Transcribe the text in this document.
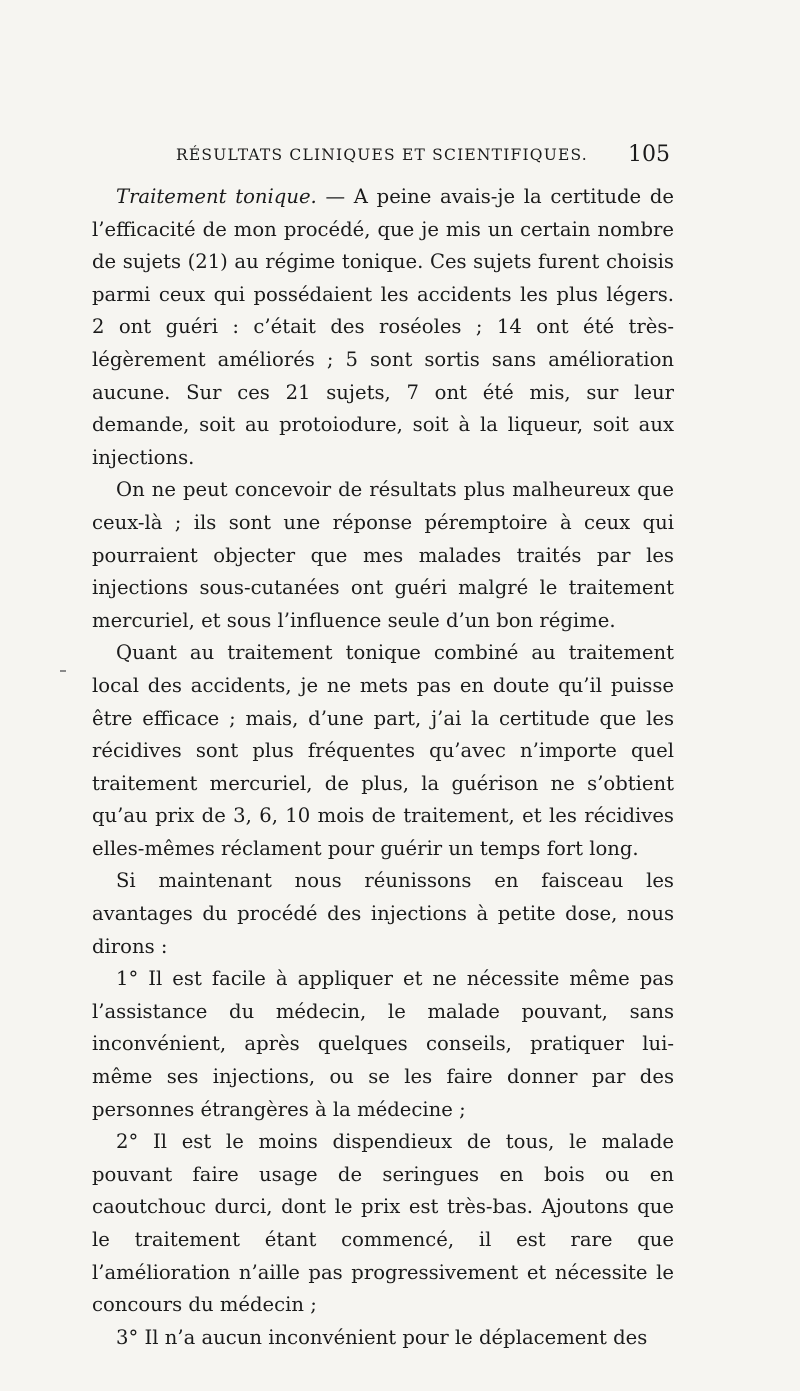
RÉSULTATS CLINIQUES ET SCIENTIFIQUES. 105

Traitement tonique. — A peine avais-je la certitude de l’efficacité de mon procédé, que je mis un certain nombre de sujets (21) au régime tonique. Ces sujets furent choisis parmi ceux qui possédaient les accidents les plus légers. 2 ont guéri : c’était des roséoles ; 14 ont été très-légèrement améliorés ; 5 sont sortis sans amélioration aucune. Sur ces 21 sujets, 7 ont été mis, sur leur demande, soit au protoiodure, soit à la liqueur, soit aux injections.

On ne peut concevoir de résultats plus malheureux que ceux-là ; ils sont une réponse péremptoire à ceux qui pourraient objecter que mes malades traités par les injections sous-cutanées ont guéri malgré le traitement mercuriel, et sous l’influence seule d’un bon régime.

Quant au traitement tonique combiné au traitement local des accidents, je ne mets pas en doute qu’il puisse être efficace ; mais, d’une part, j’ai la certitude que les récidives sont plus fréquentes qu’avec n’importe quel traitement mercuriel, de plus, la guérison ne s’obtient qu’au prix de 3, 6, 10 mois de traitement, et les récidives elles-mêmes réclament pour guérir un temps fort long.

Si maintenant nous réunissons en faisceau les avantages du procédé des injections à petite dose, nous dirons :

1° Il est facile à appliquer et ne nécessite même pas l’assistance du médecin, le malade pouvant, sans inconvénient, après quelques conseils, pratiquer lui-même ses injections, ou se les faire donner par des personnes étrangères à la médecine ;

2° Il est le moins dispendieux de tous, le malade pouvant faire usage de seringues en bois ou en caoutchouc durci, dont le prix est très-bas. Ajoutons que le traitement étant commencé, il est rare que l’amélioration n’aille pas progressivement et nécessite le concours du médecin ;

3° Il n’a aucun inconvénient pour le déplacement des
